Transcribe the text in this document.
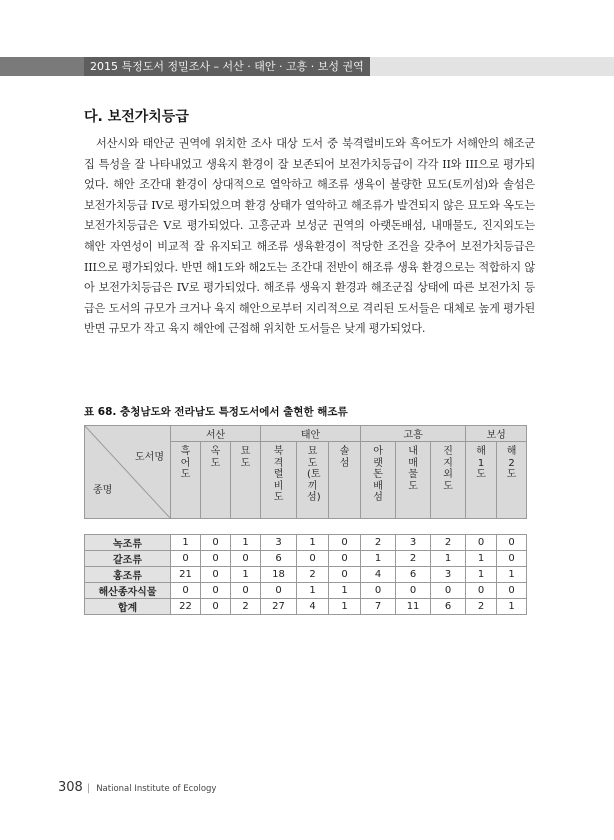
2015 특정도서 정밀조사 – 서산 · 태안 · 고흥 · 보성 권역
다. 보전가치등급

서산시와 태안군 권역에 위치한 조사 대상 도서 중 북격렬비도와 흑어도가 서해안의 해조군집 특성을 잘 나타내었고 생육지 환경이 잘 보존되어 보전가치등급이 각각 II와 III으로 평가되었다. 해안 조간대 환경이 상대적으로 열악하고 해조류 생육이 불량한 묘도(토끼섬)와 솔섬은 보전가치등급 IV로 평가되었으며 환경 상태가 열악하고 해조류가 발견되지 않은 묘도와 옥도는 보전가치등급은 V로 평가되었다. 고흥군과 보성군 권역의 아랫돈배섬, 내매물도, 진지외도는 해안 자연성이 비교적 잘 유지되고 해조류 생육환경이 적당한 조건을 갖추어 보전가치등급은 III으로 평가되었다. 반면 해1도와 해2도는 조간대 전반이 해조류 생육 환경으로는 적합하지 않아 보전가치등급은 IV로 평가되었다. 해조류 생육지 환경과 해조군집 상태에 따른 보전가치 등급은 도서의 규모가 크거나 육지 해안으로부터 지리적으로 격리된 도서들은 대체로 높게 평가된 반면 규모가 작고 육지 해안에 근접해 위치한 도서들은 낮게 평가되었다.

표 68. 충청남도와 전라남도 특정도서에서 출현한 해조류

도서명
종명	서산			태안			고흥			보성	
	흑어도	옥도	묘도	북격렬비도	묘도(토끼섬)	솔섬	아랫돈배섬	내매물도	진지외도	해1도	해2도

녹조류	1	0	1	3	1	0	2	3	2	0	0
갈조류	0	0	0	6	0	0	1	2	1	1	0
홍조류	21	0	1	18	2	0	4	6	3	1	1
해산종자식물	0	0	0	0	1	1	0	0	0	0	0
합계	22	0	2	27	4	1	7	11	6	2	1
308 | National Institute of Ecology
